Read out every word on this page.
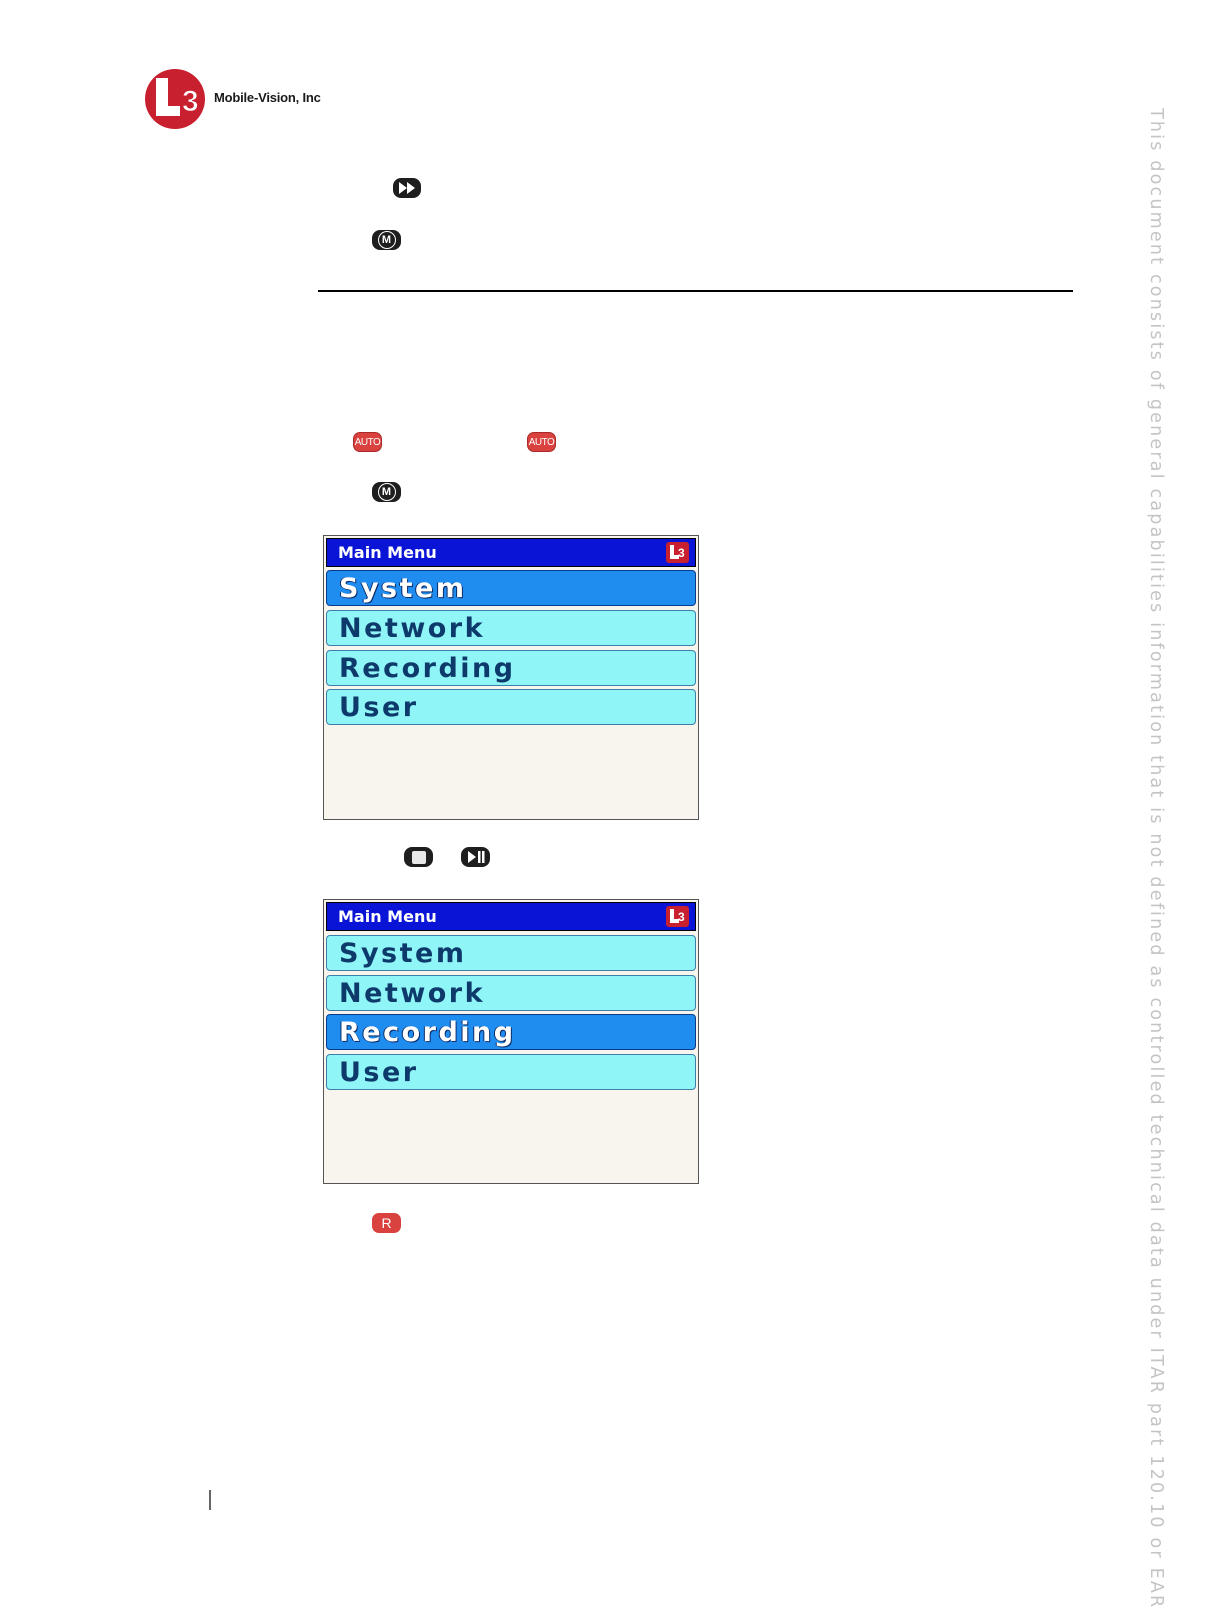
3 Mobile-Vision, Inc
This document consists of general capabilities information that is not defined as controlled technical data under ITAR part 120.10 or EAR
M
AUTO	AUTO
M
Main Menu	3
System
Network
Recording
User
Main Menu	3
System
Network
Recording
User
R
